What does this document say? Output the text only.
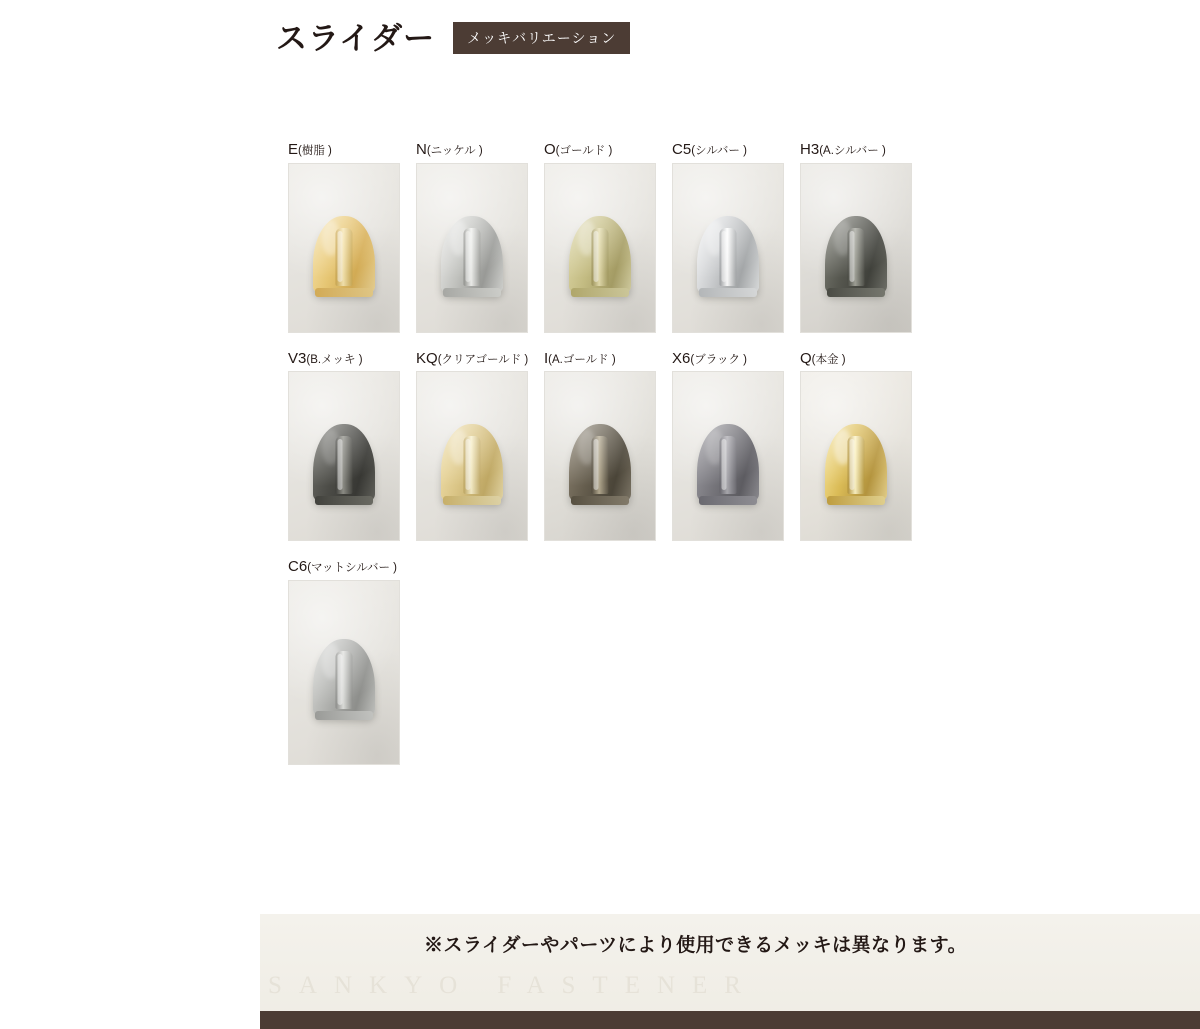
スライダー	メッキバリエーション
E(樹脂 )	N(ニッケル )	O(ゴールド )	C5(シルバー )	H3(A.シルバー )
V3(B.メッキ )	KQ(クリアゴールド ) I(A.ゴールド )	X6(ブラック )	Q(本金 )
C6(マットシルバー )
SANKYO FASTENER
※スライダーやパーツにより使用できるメッキは異なります。
